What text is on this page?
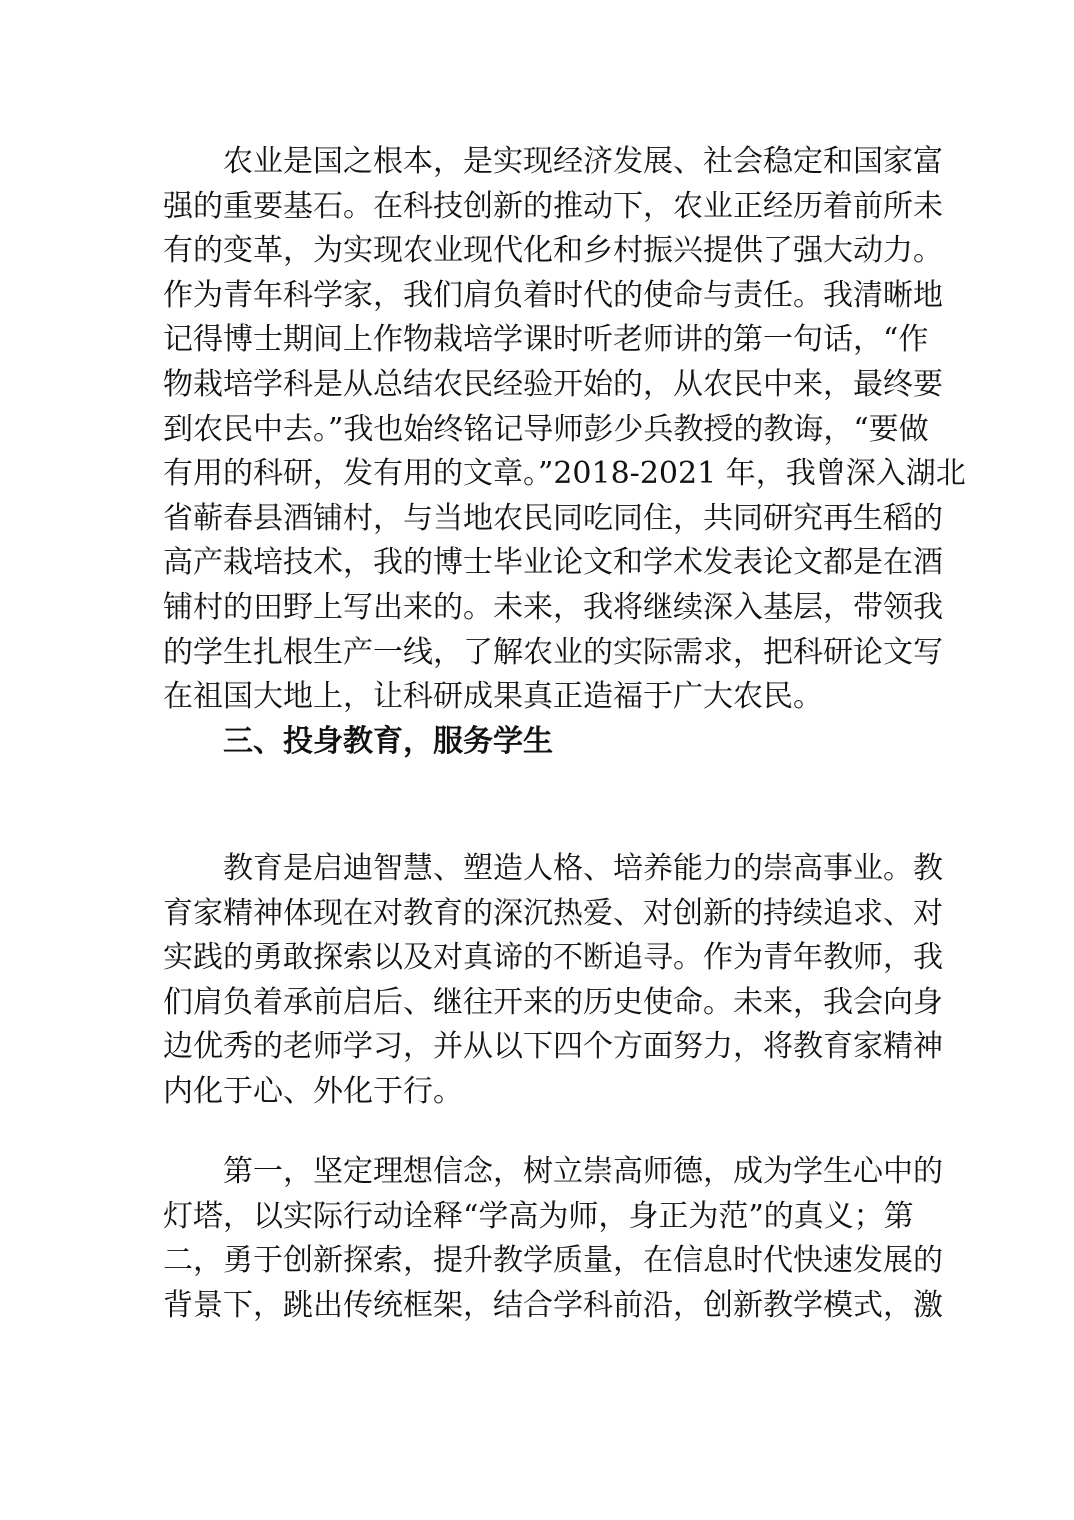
农业是国之根本，是实现经济发展、社会稳定和国家富
强的重要基石。在科技创新的推动下，农业正经历着前所未
有的变革，为实现农业现代化和乡村振兴提供了强大动力。
作为青年科学家，我们肩负着时代的使命与责任。我清晰地
记得博士期间上作物栽培学课时听老师讲的第一句话，“作
物栽培学科是从总结农民经验开始的，从农民中来，最终要
到农民中去。”我也始终铭记导师彭少兵教授的教诲，“要做
有用的科研，发有用的文章。”2018-2021 年，我曾深入湖北
省蕲春县酒铺村，与当地农民同吃同住，共同研究再生稻的
高产栽培技术，我的博士毕业论文和学术发表论文都是在酒
铺村的田野上写出来的。未来，我将继续深入基层，带领我
的学生扎根生产一线，了解农业的实际需求，把科研论文写
在祖国大地上，让科研成果真正造福于广大农民。
三、投身教育，服务学生
教育是启迪智慧、塑造人格、培养能力的崇高事业。教
育家精神体现在对教育的深沉热爱、对创新的持续追求、对
实践的勇敢探索以及对真谛的不断追寻。作为青年教师，我
们肩负着承前启后、继往开来的历史使命。未来，我会向身
边优秀的老师学习，并从以下四个方面努力，将教育家精神
内化于心、外化于行。
第一，坚定理想信念，树立崇高师德，成为学生心中的
灯塔，以实际行动诠释“学高为师，身正为范”的真义；第
二，勇于创新探索，提升教学质量，在信息时代快速发展的
背景下，跳出传统框架，结合学科前沿，创新教学模式，激
